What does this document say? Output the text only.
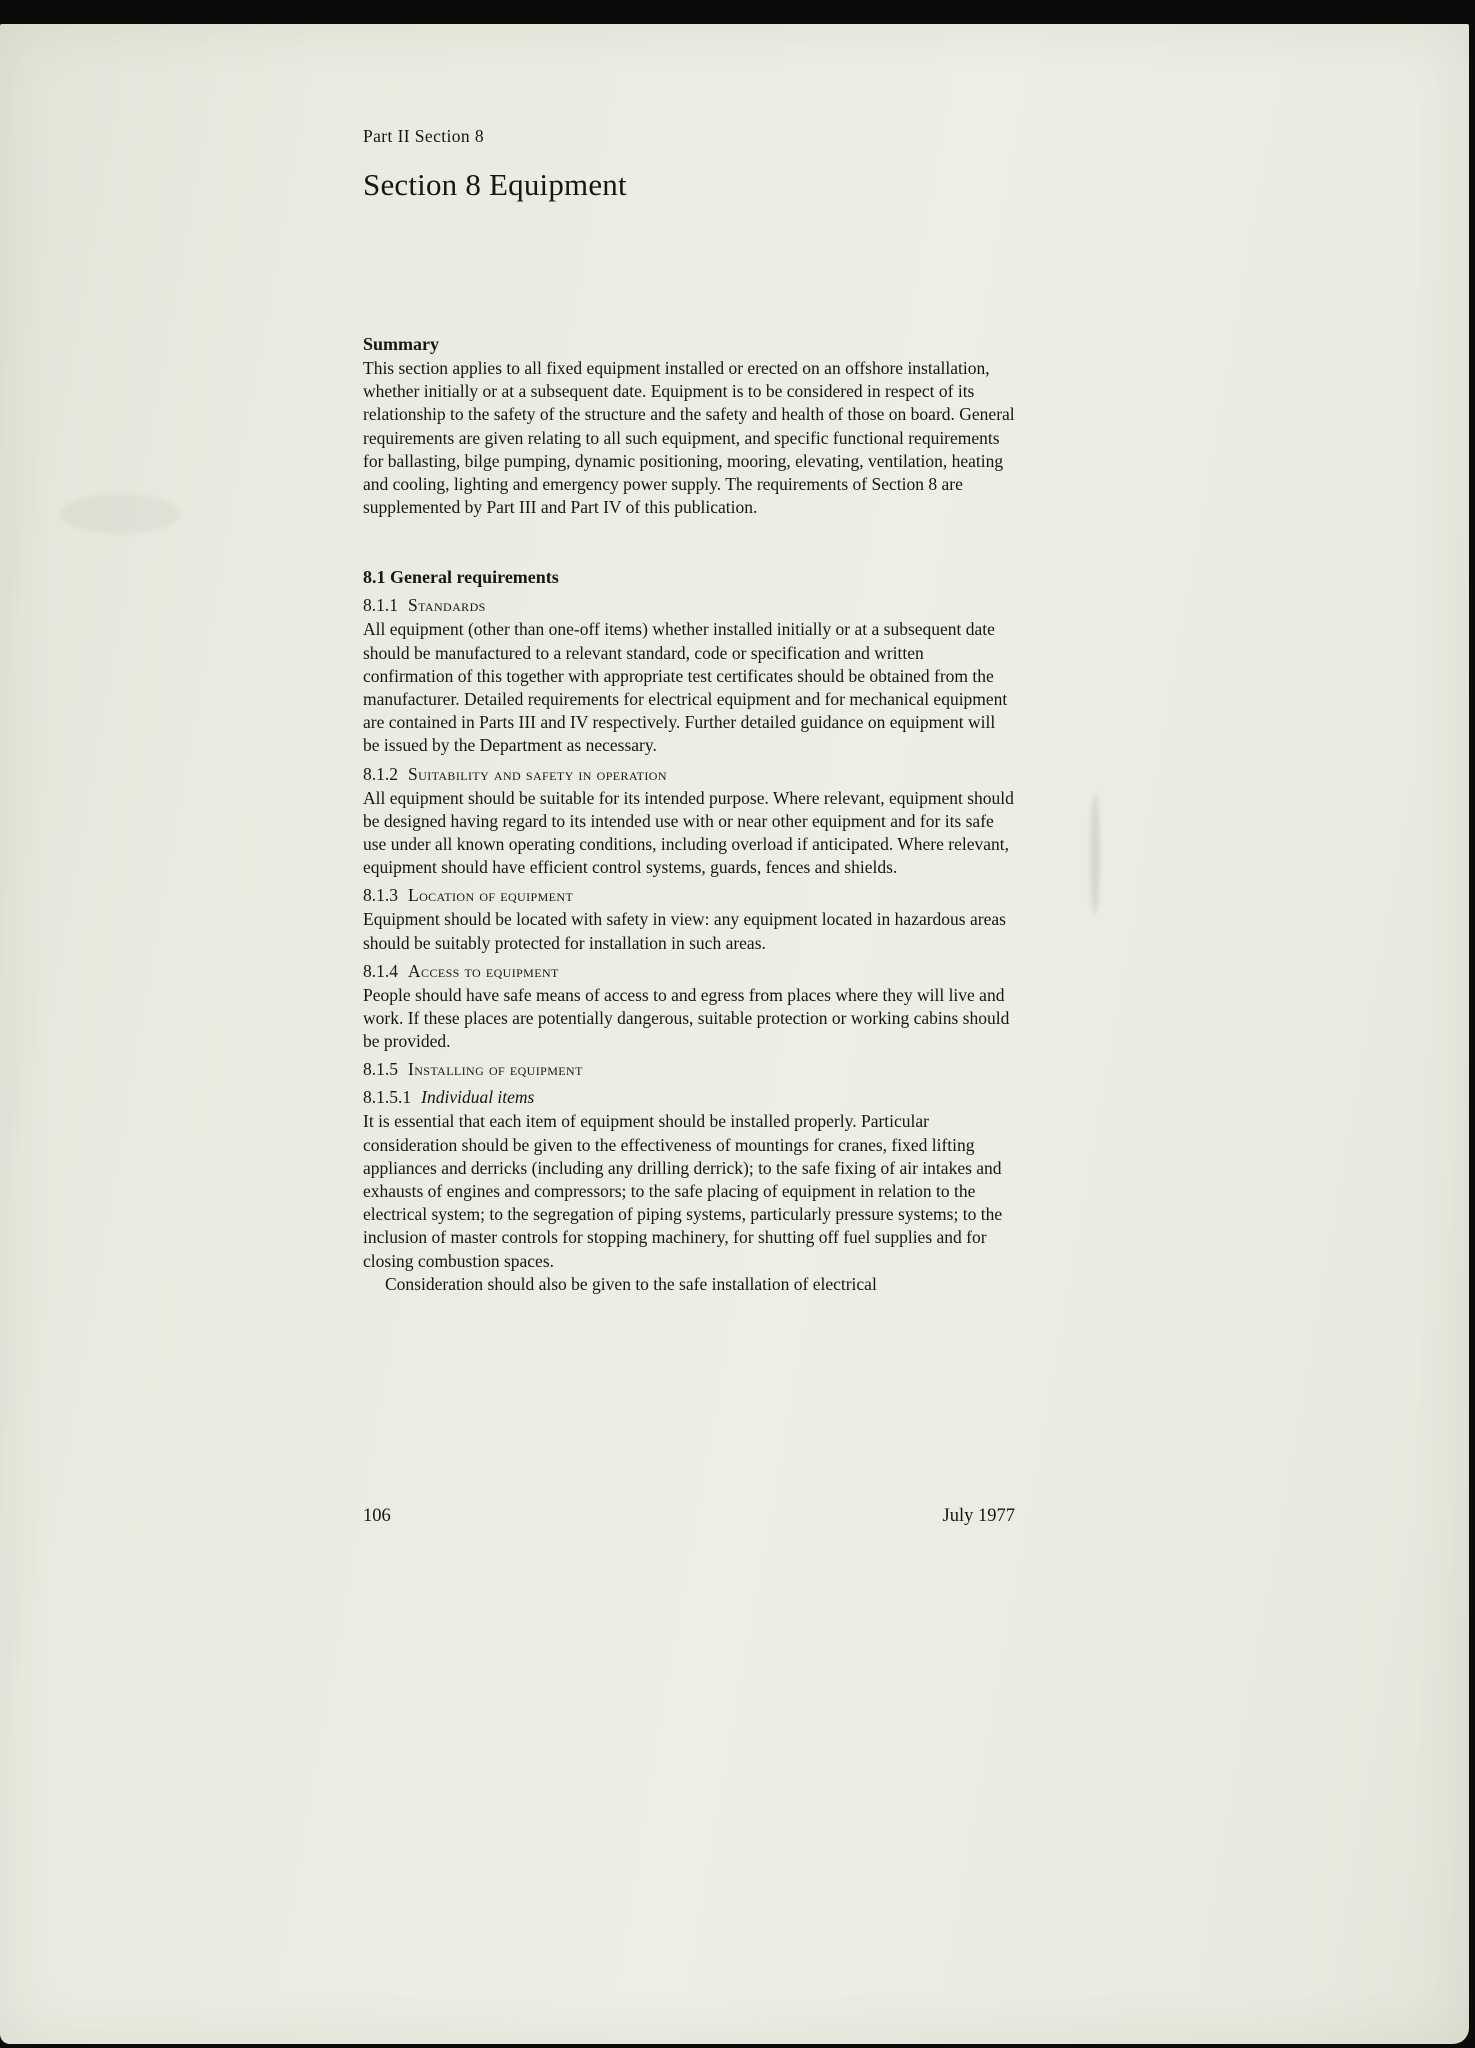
Part II Section 8
Section 8 Equipment
Summary
This section applies to all fixed equipment installed or erected on an offshore installation, whether initially or at a subsequent date. Equipment is to be considered in respect of its relationship to the safety of the structure and the safety and health of those on board. General requirements are given relating to all such equipment, and specific functional requirements for ballasting, bilge pumping, dynamic positioning, mooring, elevating, ventilation, heating and cooling, lighting and emergency power supply. The requirements of Section 8 are supplemented by Part III and Part IV of this publication.
8.1 General requirements
8.1.1 Standards
All equipment (other than one-off items) whether installed initially or at a subsequent date should be manufactured to a relevant standard, code or specification and written confirmation of this together with appropriate test certificates should be obtained from the manufacturer. Detailed requirements for electrical equipment and for mechanical equipment are contained in Parts III and IV respectively. Further detailed guidance on equipment will be issued by the Department as necessary.
8.1.2 Suitability and safety in operation
All equipment should be suitable for its intended purpose. Where relevant, equipment should be designed having regard to its intended use with or near other equipment and for its safe use under all known operating conditions, including overload if anticipated. Where relevant, equipment should have efficient control systems, guards, fences and shields.
8.1.3 Location of equipment
Equipment should be located with safety in view: any equipment located in hazardous areas should be suitably protected for installation in such areas.
8.1.4 Access to equipment
People should have safe means of access to and egress from places where they will live and work. If these places are potentially dangerous, suitable protection or working cabins should be provided.
8.1.5 Installing of equipment
8.1.5.1 Individual items
It is essential that each item of equipment should be installed properly. Particular consideration should be given to the effectiveness of mountings for cranes, fixed lifting appliances and derricks (including any drilling derrick); to the safe fixing of air intakes and exhausts of engines and compressors; to the safe placing of equipment in relation to the electrical system; to the segregation of piping systems, particularly pressure systems; to the inclusion of master controls for stopping machinery, for shutting off fuel supplies and for closing combustion spaces.
Consideration should also be given to the safe installation of electrical
106	July 1977
